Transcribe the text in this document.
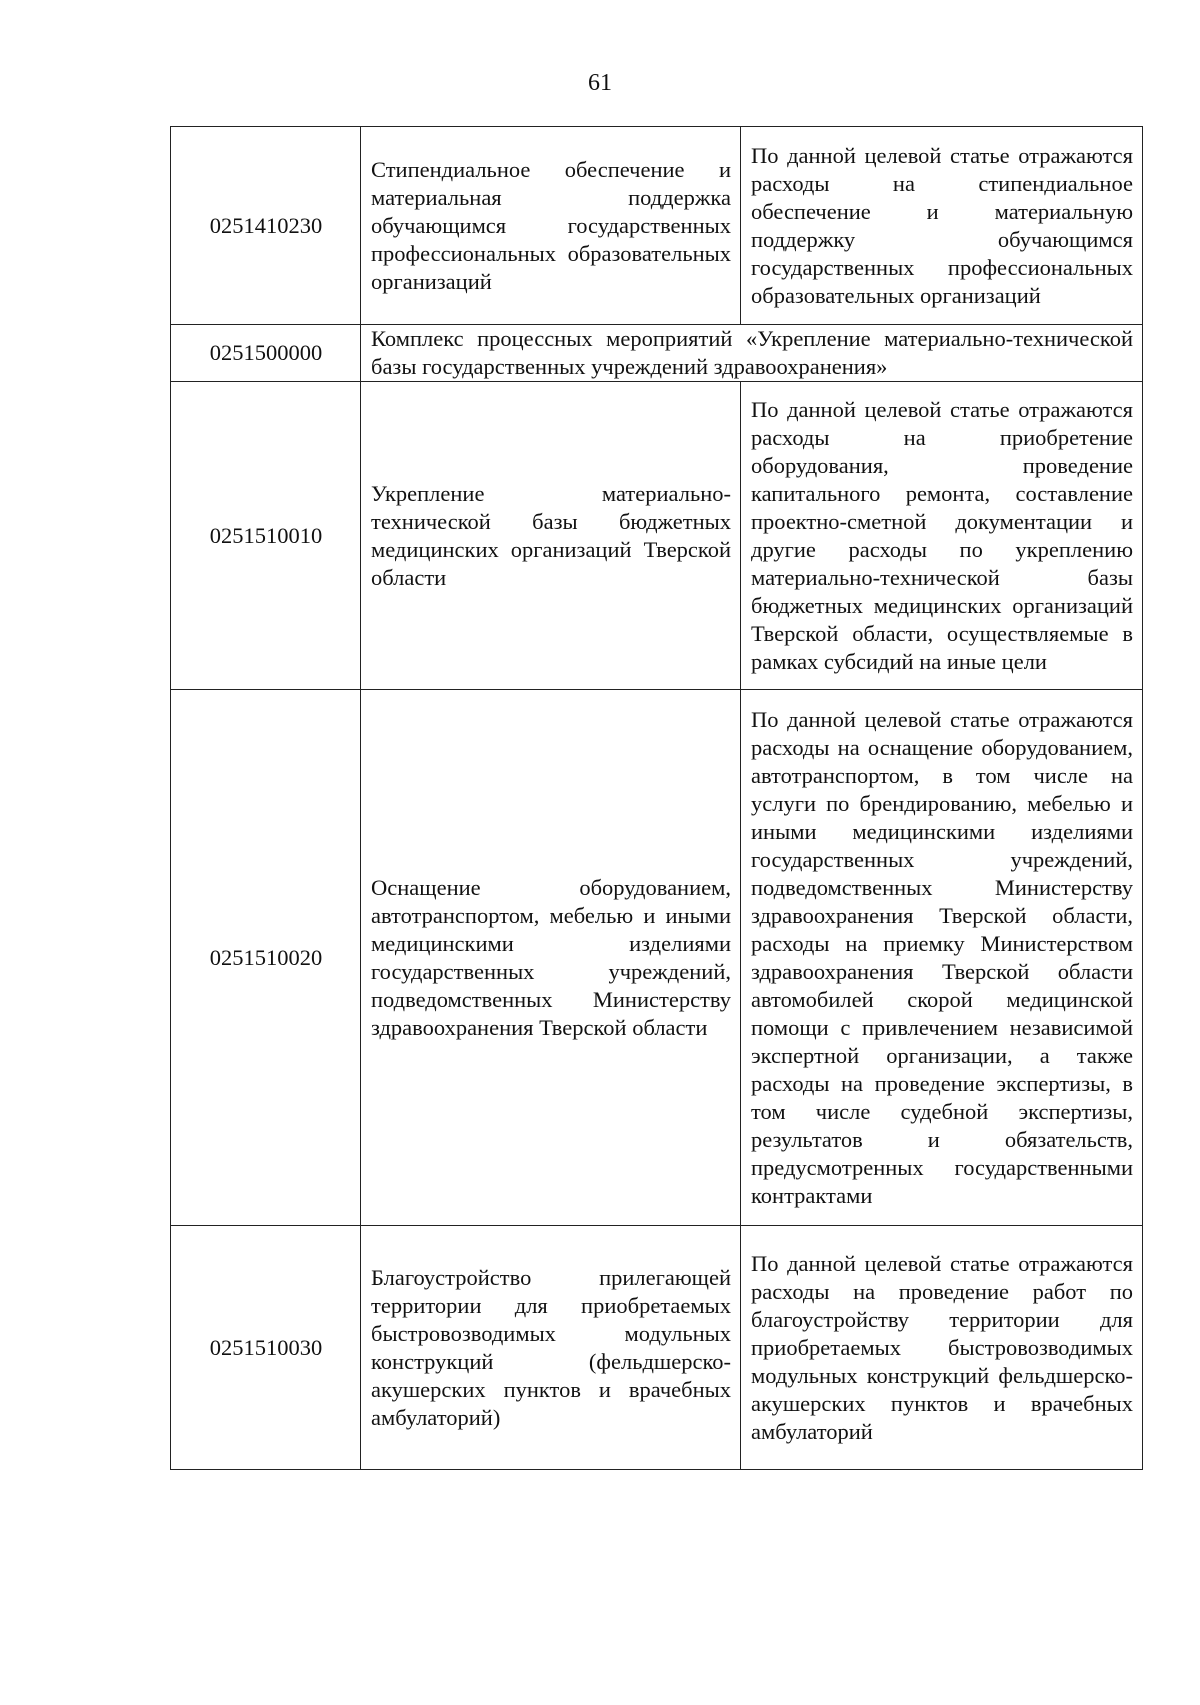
61
0251410230	Стипендиальное обеспечение и материальная поддержка обучающимся государственных профессиональных образовательных организаций	По данной целевой статье отражаются расходы на стипендиальное обеспечение и материальную поддержку обучающимся государственных профессиональных образовательных организаций
0251500000	Комплекс процессных мероприятий «Укрепление материально-технической базы государственных учреждений здравоохранения»	
0251510010	Укрепление материально-технической базы бюджетных медицинских организаций Тверской области	По данной целевой статье отражаются расходы на приобретение оборудования, проведение капитального ремонта, составление проектно-сметной документации и другие расходы по укреплению материально-технической базы бюджетных медицинских организаций Тверской области, осуществляемые в рамках субсидий на иные цели
0251510020	Оснащение оборудованием, автотранспортом, мебелью и иными медицинскими изделиями государственных учреждений, подведомственных Министерству здравоохранения Тверской области	По данной целевой статье отражаются расходы на оснащение оборудованием, автотранспортом, в том числе на услуги по брендированию, мебелью и иными медицинскими изделиями государственных учреждений, подведомственных Министерству здравоохранения Тверской области, расходы на приемку Министерством здравоохранения Тверской области автомобилей скорой медицинской помощи с привлечением независимой экспертной организации, а также расходы на проведение экспертизы, в том числе судебной экспертизы, результатов и обязательств, предусмотренных государственными контрактами
0251510030	Благоустройство прилегающей территории для приобретаемых быстровозводимых модульных конструкций (фельдшерско-акушерских пунктов и врачебных амбулаторий)	По данной целевой статье отражаются расходы на проведение работ по благоустройству территории для приобретаемых быстровозводимых модульных конструкций фельдшерско-акушерских пунктов и врачебных амбулаторий
